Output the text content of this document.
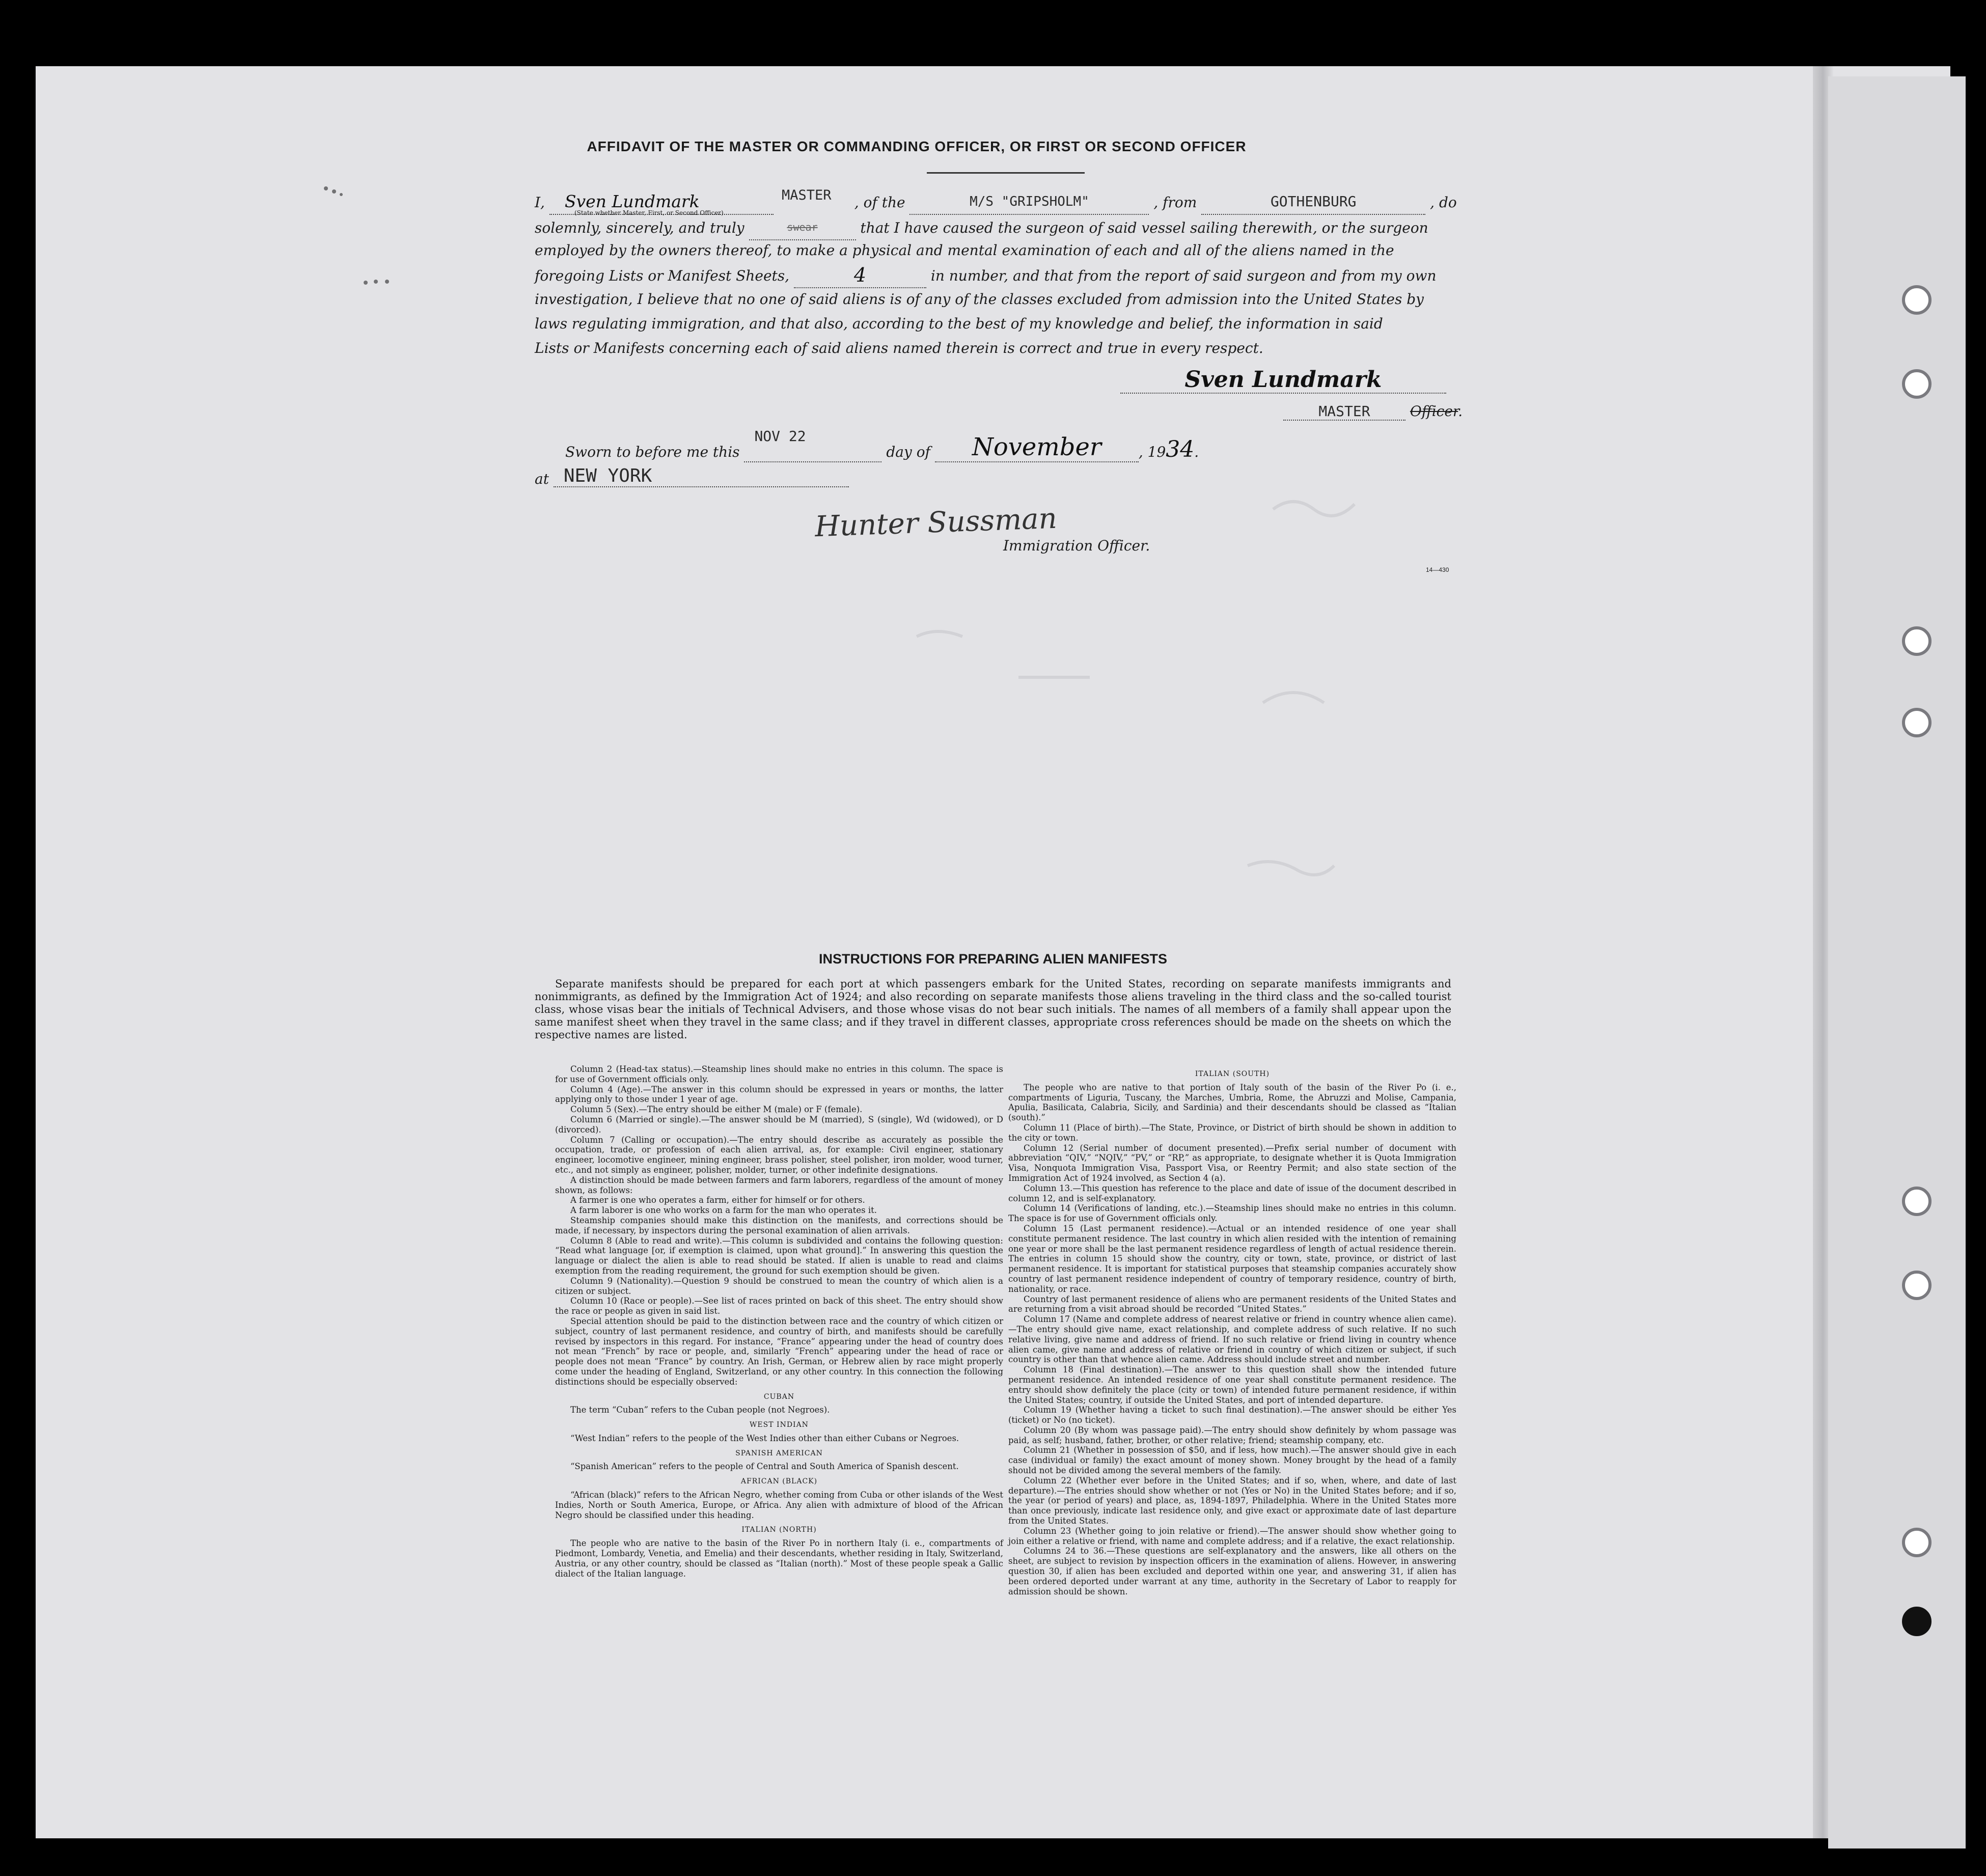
AFFIDAVIT OF THE MASTER OR COMMANDING OFFICER, OR FIRST OR SECOND OFFICER
I, Sven Lundmark	MASTER
(State whether Master, First, or Second Officer)
, of the	M/S "GRIPSHOLM"	, from	GOTHENBURG	, do
solemnly, sincerely, and truly	swear	that I have caused the surgeon of said vessel sailing therewith, or the surgeon
employed by the owners thereof, to make a physical and mental examination of each and all of the aliens named in the
foregoing Lists or Manifest Sheets,	4	in number, and that from the report of said surgeon and from my own
investigation, I believe that no one of said aliens is of any of the classes excluded from admission into the United States by
laws regulating immigration, and that also, according to the best of my knowledge and belief, the information in said
Lists or Manifests concerning each of said aliens named therein is correct and true in every respect.
Sven Lundmark
MASTER	Officer.
Sworn to before me this
NOV 22
day of November	, 1934.
at NEW YORK
Hunter Sussman
Immigration Officer.
14—430
INSTRUCTIONS FOR PREPARING ALIEN MANIFESTS
Separate manifests should be prepared for each port at which passengers embark for the United States, recording on separate manifests immigrants and nonimmigrants, as defined by the Immigration Act of 1924; and also recording on separate manifests those aliens traveling in the third class and the so-called tourist class, whose visas bear the initials of Technical Advisers, and those whose visas do not bear such initials. The names of all members of a family shall appear upon the same manifest sheet when they travel in the same class; and if they travel in different classes, appropriate cross references should be made on the sheets on which the respective names are listed.

Column 2 (Head-tax status).—Steamship lines should make no entries in this column. The space is for use of Government officials only.

Column 4 (Age).—The answer in this column should be expressed in years or months, the latter applying only to those under 1 year of age.

Column 5 (Sex).—The entry should be either M (male) or F (female).

Column 6 (Married or single).—The answer should be M (married), S (single), Wd (widowed), or D (divorced).

Column 7 (Calling or occupation).—The entry should describe as accurately as possible the occupation, trade, or profession of each alien arrival, as, for example: Civil engineer, stationary engineer, locomotive engineer, mining engineer, brass polisher, steel polisher, iron molder, wood turner, etc., and not simply as engineer, polisher, molder, turner, or other indefinite designations.

A distinction should be made between farmers and farm laborers, regardless of the amount of money shown, as follows:

A farmer is one who operates a farm, either for himself or for others.

A farm laborer is one who works on a farm for the man who operates it.

Steamship companies should make this distinction on the manifests, and corrections should be made, if necessary, by inspectors during the personal examination of alien arrivals.

Column 8 (Able to read and write).—This column is subdivided and contains the following question: “Read what language [or, if exemption is claimed, upon what ground].” In answering this question the language or dialect the alien is able to read should be stated. If alien is unable to read and claims exemption from the reading requirement, the ground for such exemption should be given.

Column 9 (Nationality).—Question 9 should be construed to mean the country of which alien is a citizen or subject.

Column 10 (Race or people).—See list of races printed on back of this sheet. The entry should show the race or people as given in said list.

Special attention should be paid to the distinction between race and the country of which citizen or subject, country of last permanent residence, and country of birth, and manifests should be carefully revised by inspectors in this regard. For instance, “France” appearing under the head of country does not mean “French” by race or people, and, similarly “French” appearing under the head of race or people does not mean “France” by country. An Irish, German, or Hebrew alien by race might properly come under the heading of England, Switzerland, or any other country. In this connection the following distinctions should be especially observed:

CUBAN

The term “Cuban” refers to the Cuban people (not Negroes).

WEST INDIAN

“West Indian” refers to the people of the West Indies other than either Cubans or Negroes.

SPANISH AMERICAN

“Spanish American” refers to the people of Central and South America of Spanish descent.

AFRICAN (BLACK)

“African (black)” refers to the African Negro, whether coming from Cuba or other islands of the West Indies, North or South America, Europe, or Africa. Any alien with admixture of blood of the African Negro should be classified under this heading.

ITALIAN (NORTH)

The people who are native to the basin of the River Po in northern Italy (i. e., compartments of Piedmont, Lombardy, Venetia, and Emelia) and their descendants, whether residing in Italy, Switzerland, Austria, or any other country, should be classed as “Italian (north).” Most of these people speak a Gallic dialect of the Italian language.

ITALIAN (SOUTH)

The people who are native to that portion of Italy south of the basin of the River Po (i. e., compartments of Liguria, Tuscany, the Marches, Umbria, Rome, the Abruzzi and Molise, Campania, Apulia, Basilicata, Calabria, Sicily, and Sardinia) and their descendants should be classed as “Italian (south).”

Column 11 (Place of birth).—The State, Province, or District of birth should be shown in addition to the city or town.

Column 12 (Serial number of document presented).—Prefix serial number of document with abbreviation “QIV,” “NQIV,” “PV,” or “RP,” as appropriate, to designate whether it is Quota Immigration Visa, Nonquota Immigration Visa, Passport Visa, or Reentry Permit; and also state section of the Immigration Act of 1924 involved, as Section 4 (a).

Column 13.—This question has reference to the place and date of issue of the document described in column 12, and is self-explanatory.

Column 14 (Verifications of landing, etc.).—Steamship lines should make no entries in this column. The space is for use of Government officials only.

Column 15 (Last permanent residence).—Actual or an intended residence of one year shall constitute permanent residence. The last country in which alien resided with the intention of remaining one year or more shall be the last permanent residence regardless of length of actual residence therein. The entries in column 15 should show the country, city or town, state, province, or district of last permanent residence. It is important for statistical purposes that steamship companies accurately show country of last permanent residence independent of country of temporary residence, country of birth, nationality, or race.

Country of last permanent residence of aliens who are permanent residents of the United States and are returning from a visit abroad should be recorded “United States.”

Column 17 (Name and complete address of nearest relative or friend in country whence alien came).—The entry should give name, exact relationship, and complete address of such relative. If no such relative living, give name and address of friend. If no such relative or friend living in country whence alien came, give name and address of relative or friend in country of which citizen or subject, if such country is other than that whence alien came. Address should include street and number.

Column 18 (Final destination).—The answer to this question shall show the intended future permanent residence. An intended residence of one year shall constitute permanent residence. The entry should show definitely the place (city or town) of intended future permanent residence, if within the United States; country, if outside the United States, and port of intended departure.

Column 19 (Whether having a ticket to such final destination).—The answer should be either Yes (ticket) or No (no ticket).

Column 20 (By whom was passage paid).—The entry should show definitely by whom passage was paid, as self; husband, father, brother, or other relative; friend; steamship company, etc.

Column 21 (Whether in possession of $50, and if less, how much).—The answer should give in each case (individual or family) the exact amount of money shown. Money brought by the head of a family should not be divided among the several members of the family.

Column 22 (Whether ever before in the United States; and if so, when, where, and date of last departure).—The entries should show whether or not (Yes or No) in the United States before; and if so, the year (or period of years) and place, as, 1894-1897, Philadelphia. Where in the United States more than once previously, indicate last residence only, and give exact or approximate date of last departure from the United States.

Column 23 (Whether going to join relative or friend).—The answer should show whether going to join either a relative or friend, with name and complete address; and if a relative, the exact relationship.

Columns 24 to 36.—These questions are self-explanatory and the answers, like all others on the sheet, are subject to revision by inspection officers in the examination of aliens. However, in answering question 30, if alien has been excluded and deported within one year, and answering 31, if alien has been ordered deported under warrant at any time, authority in the Secretary of Labor to reapply for admission should be shown.
